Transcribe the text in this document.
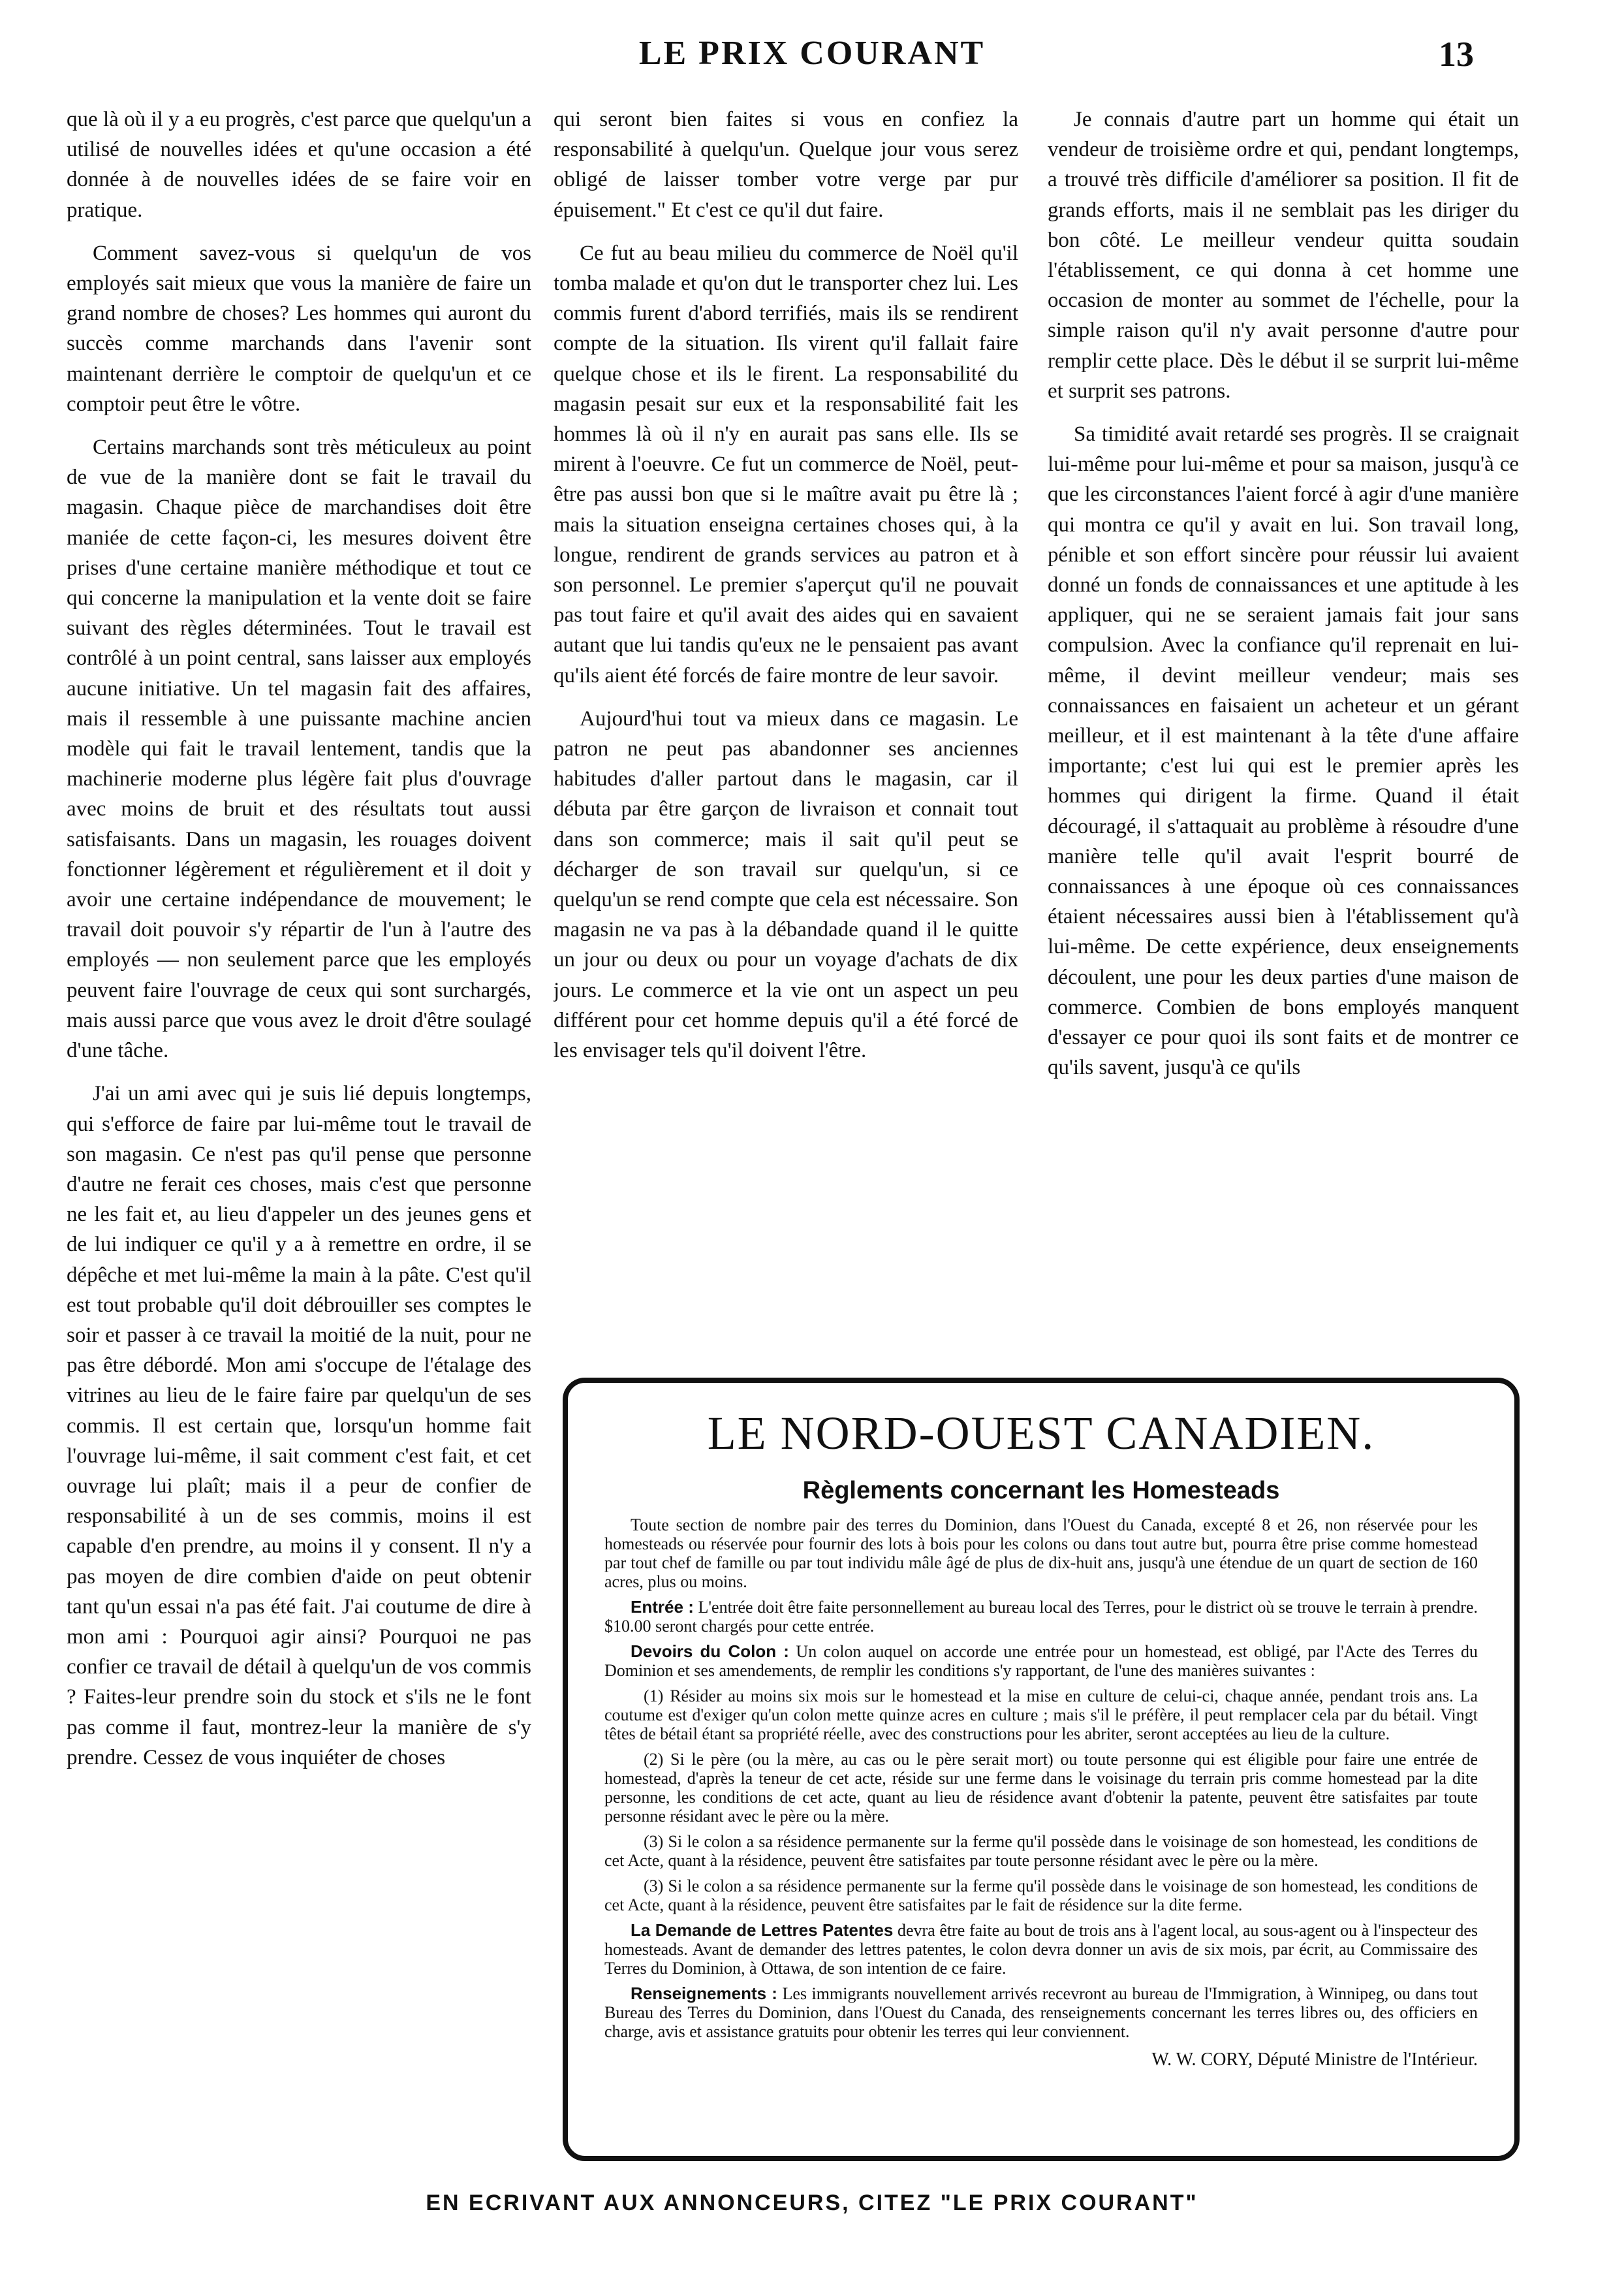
LE PRIX COURANT	13

que là où il y a eu progrès, c'est parce que quelqu'un a utilisé de nouvelles idées et qu'une occasion a été donnée à de nouvelles idées de se faire voir en pratique.

Comment savez-vous si quelqu'un de vos employés sait mieux que vous la manière de faire un grand nombre de choses? Les hommes qui auront du succès comme marchands dans l'avenir sont maintenant derrière le comptoir de quelqu'un et ce comptoir peut être le vôtre.

Certains marchands sont très méticuleux au point de vue de la manière dont se fait le travail du magasin. Chaque pièce de marchandises doit être maniée de cette façon-ci, les mesures doivent être prises d'une certaine manière méthodique et tout ce qui concerne la manipulation et la vente doit se faire suivant des règles déterminées. Tout le travail est contrôlé à un point central, sans laisser aux employés aucune initiative. Un tel magasin fait des affaires, mais il ressemble à une puissante machine ancien modèle qui fait le travail lentement, tandis que la machinerie moderne plus légère fait plus d'ouvrage avec moins de bruit et des résultats tout aussi satisfaisants. Dans un magasin, les rouages doivent fonctionner légèrement et régulièrement et il doit y avoir une certaine indépendance de mouvement; le travail doit pouvoir s'y répartir de l'un à l'autre des employés — non seulement parce que les employés peuvent faire l'ouvrage de ceux qui sont surchargés, mais aussi parce que vous avez le droit d'être soulagé d'une tâche.

J'ai un ami avec qui je suis lié depuis longtemps, qui s'efforce de faire par lui-même tout le travail de son magasin. Ce n'est pas qu'il pense que personne d'autre ne ferait ces choses, mais c'est que personne ne les fait et, au lieu d'appeler un des jeunes gens et de lui indiquer ce qu'il y a à remettre en ordre, il se dépêche et met lui-même la main à la pâte. C'est qu'il est tout probable qu'il doit débrouiller ses comptes le soir et passer à ce travail la moitié de la nuit, pour ne pas être débordé. Mon ami s'occupe de l'étalage des vitrines au lieu de le faire faire par quelqu'un de ses commis. Il est certain que, lorsqu'un homme fait l'ouvrage lui-même, il sait comment c'est fait, et cet ouvrage lui plaît; mais il a peur de confier de responsabilité à un de ses commis, moins il est capable d'en prendre, au moins il y consent. Il n'y a pas moyen de dire combien d'aide on peut obtenir tant qu'un essai n'a pas été fait. J'ai coutume de dire à mon ami : Pourquoi agir ainsi? Pourquoi ne pas confier ce travail de détail à quelqu'un de vos commis ? Faites-leur prendre soin du stock et s'ils ne le font pas comme il faut, montrez-leur la manière de s'y prendre. Cessez de vous inquiéter de choses

qui seront bien faites si vous en confiez la responsabilité à quelqu'un. Quelque jour vous serez obligé de laisser tomber votre verge par pur épuisement." Et c'est ce qu'il dut faire.

Ce fut au beau milieu du commerce de Noël qu'il tomba malade et qu'on dut le transporter chez lui. Les commis furent d'abord terrifiés, mais ils se rendirent compte de la situation. Ils virent qu'il fallait faire quelque chose et ils le firent. La responsabilité du magasin pesait sur eux et la responsabilité fait les hommes là où il n'y en aurait pas sans elle. Ils se mirent à l'oeuvre. Ce fut un commerce de Noël, peut-être pas aussi bon que si le maître avait pu être là ; mais la situation enseigna certaines choses qui, à la longue, rendirent de grands services au patron et à son personnel. Le premier s'aperçut qu'il ne pouvait pas tout faire et qu'il avait des aides qui en savaient autant que lui tandis qu'eux ne le pensaient pas avant qu'ils aient été forcés de faire montre de leur savoir.

Aujourd'hui tout va mieux dans ce magasin. Le patron ne peut pas abandonner ses anciennes habitudes d'aller partout dans le magasin, car il débuta par être garçon de livraison et connait tout dans son commerce; mais il sait qu'il peut se décharger de son travail sur quelqu'un, si ce quelqu'un se rend compte que cela est nécessaire. Son magasin ne va pas à la débandade quand il le quitte un jour ou deux ou pour un voyage d'achats de dix jours. Le commerce et la vie ont un aspect un peu différent pour cet homme depuis qu'il a été forcé de les envisager tels qu'il doivent l'être.

Je connais d'autre part un homme qui était un vendeur de troisième ordre et qui, pendant longtemps, a trouvé très difficile d'améliorer sa position. Il fit de grands efforts, mais il ne semblait pas les diriger du bon côté. Le meilleur vendeur quitta soudain l'établissement, ce qui donna à cet homme une occasion de monter au sommet de l'échelle, pour la simple raison qu'il n'y avait personne d'autre pour remplir cette place. Dès le début il se surprit lui-même et surprit ses patrons.

Sa timidité avait retardé ses progrès. Il se craignait lui-même pour lui-même et pour sa maison, jusqu'à ce que les circonstances l'aient forcé à agir d'une manière qui montra ce qu'il y avait en lui. Son travail long, pénible et son effort sincère pour réussir lui avaient donné un fonds de connaissances et une aptitude à les appliquer, qui ne se seraient jamais fait jour sans compulsion. Avec la confiance qu'il reprenait en lui-même, il devint meilleur vendeur; mais ses connaissances en faisaient un acheteur et un gérant meilleur, et il est maintenant à la tête d'une affaire importante; c'est lui qui est le premier après les hommes qui dirigent la firme. Quand il était découragé, il s'attaquait au problème à résoudre d'une manière telle qu'il avait l'esprit bourré de connaissances à une époque où ces connaissances étaient nécessaires aussi bien à l'établissement qu'à lui-même. De cette expérience, deux enseignements découlent, une pour les deux parties d'une maison de commerce. Combien de bons employés manquent d'essayer ce pour quoi ils sont faits et de montrer ce qu'ils savent, jusqu'à ce qu'ils

LE NORD-OUEST CANADIEN.
Règlements concernant les Homesteads

Toute section de nombre pair des terres du Dominion, dans l'Ouest du Canada, excepté 8 et 26, non réservée pour les homesteads ou réservée pour fournir des lots à bois pour les colons ou dans tout autre but, pourra être prise comme homestead par tout chef de famille ou par tout individu mâle âgé de plus de dix-huit ans, jusqu'à une étendue de un quart de section de 160 acres, plus ou moins.

Entrée : L'entrée doit être faite personnellement au bureau local des Terres, pour le district où se trouve le terrain à prendre. $10.00 seront chargés pour cette entrée.

Devoirs du Colon : Un colon auquel on accorde une entrée pour un homestead, est obligé, par l'Acte des Terres du Dominion et ses amendements, de remplir les conditions s'y rapportant, de l'une des manières suivantes :

(1) Résider au moins six mois sur le homestead et la mise en culture de celui-ci, chaque année, pendant trois ans. La coutume est d'exiger qu'un colon mette quinze acres en culture ; mais s'il le préfère, il peut remplacer cela par du bétail. Vingt têtes de bétail étant sa propriété réelle, avec des constructions pour les abriter, seront acceptées au lieu de la culture.

(2) Si le père (ou la mère, au cas ou le père serait mort) ou toute personne qui est éligible pour faire une entrée de homestead, d'après la teneur de cet acte, réside sur une ferme dans le voisinage du terrain pris comme homestead par la dite personne, les conditions de cet acte, quant au lieu de résidence avant d'obtenir la patente, peuvent être satisfaites par toute personne résidant avec le père ou la mère.

(3) Si le colon a sa résidence permanente sur la ferme qu'il possède dans le voisinage de son homestead, les conditions de cet Acte, quant à la résidence, peuvent être satisfaites par toute personne résidant avec le père ou la mère.

(3) Si le colon a sa résidence permanente sur la ferme qu'il possède dans le voisinage de son homestead, les conditions de cet Acte, quant à la résidence, peuvent être satisfaites par le fait de résidence sur la dite ferme.

La Demande de Lettres Patentes devra être faite au bout de trois ans à l'agent local, au sous-agent ou à l'inspecteur des homesteads. Avant de demander des lettres patentes, le colon devra donner un avis de six mois, par écrit, au Commissaire des Terres du Dominion, à Ottawa, de son intention de ce faire.

Renseignements : Les immigrants nouvellement arrivés recevront au bureau de l'Immigration, à Winnipeg, ou dans tout Bureau des Terres du Dominion, dans l'Ouest du Canada, des renseignements concernant les terres libres ou, des officiers en charge, avis et assistance gratuits pour obtenir les terres qui leur conviennent.

W. W. CORY, Député Ministre de l'Intérieur.

EN ECRIVANT AUX ANNONCEURS, CITEZ "LE PRIX COURANT"
